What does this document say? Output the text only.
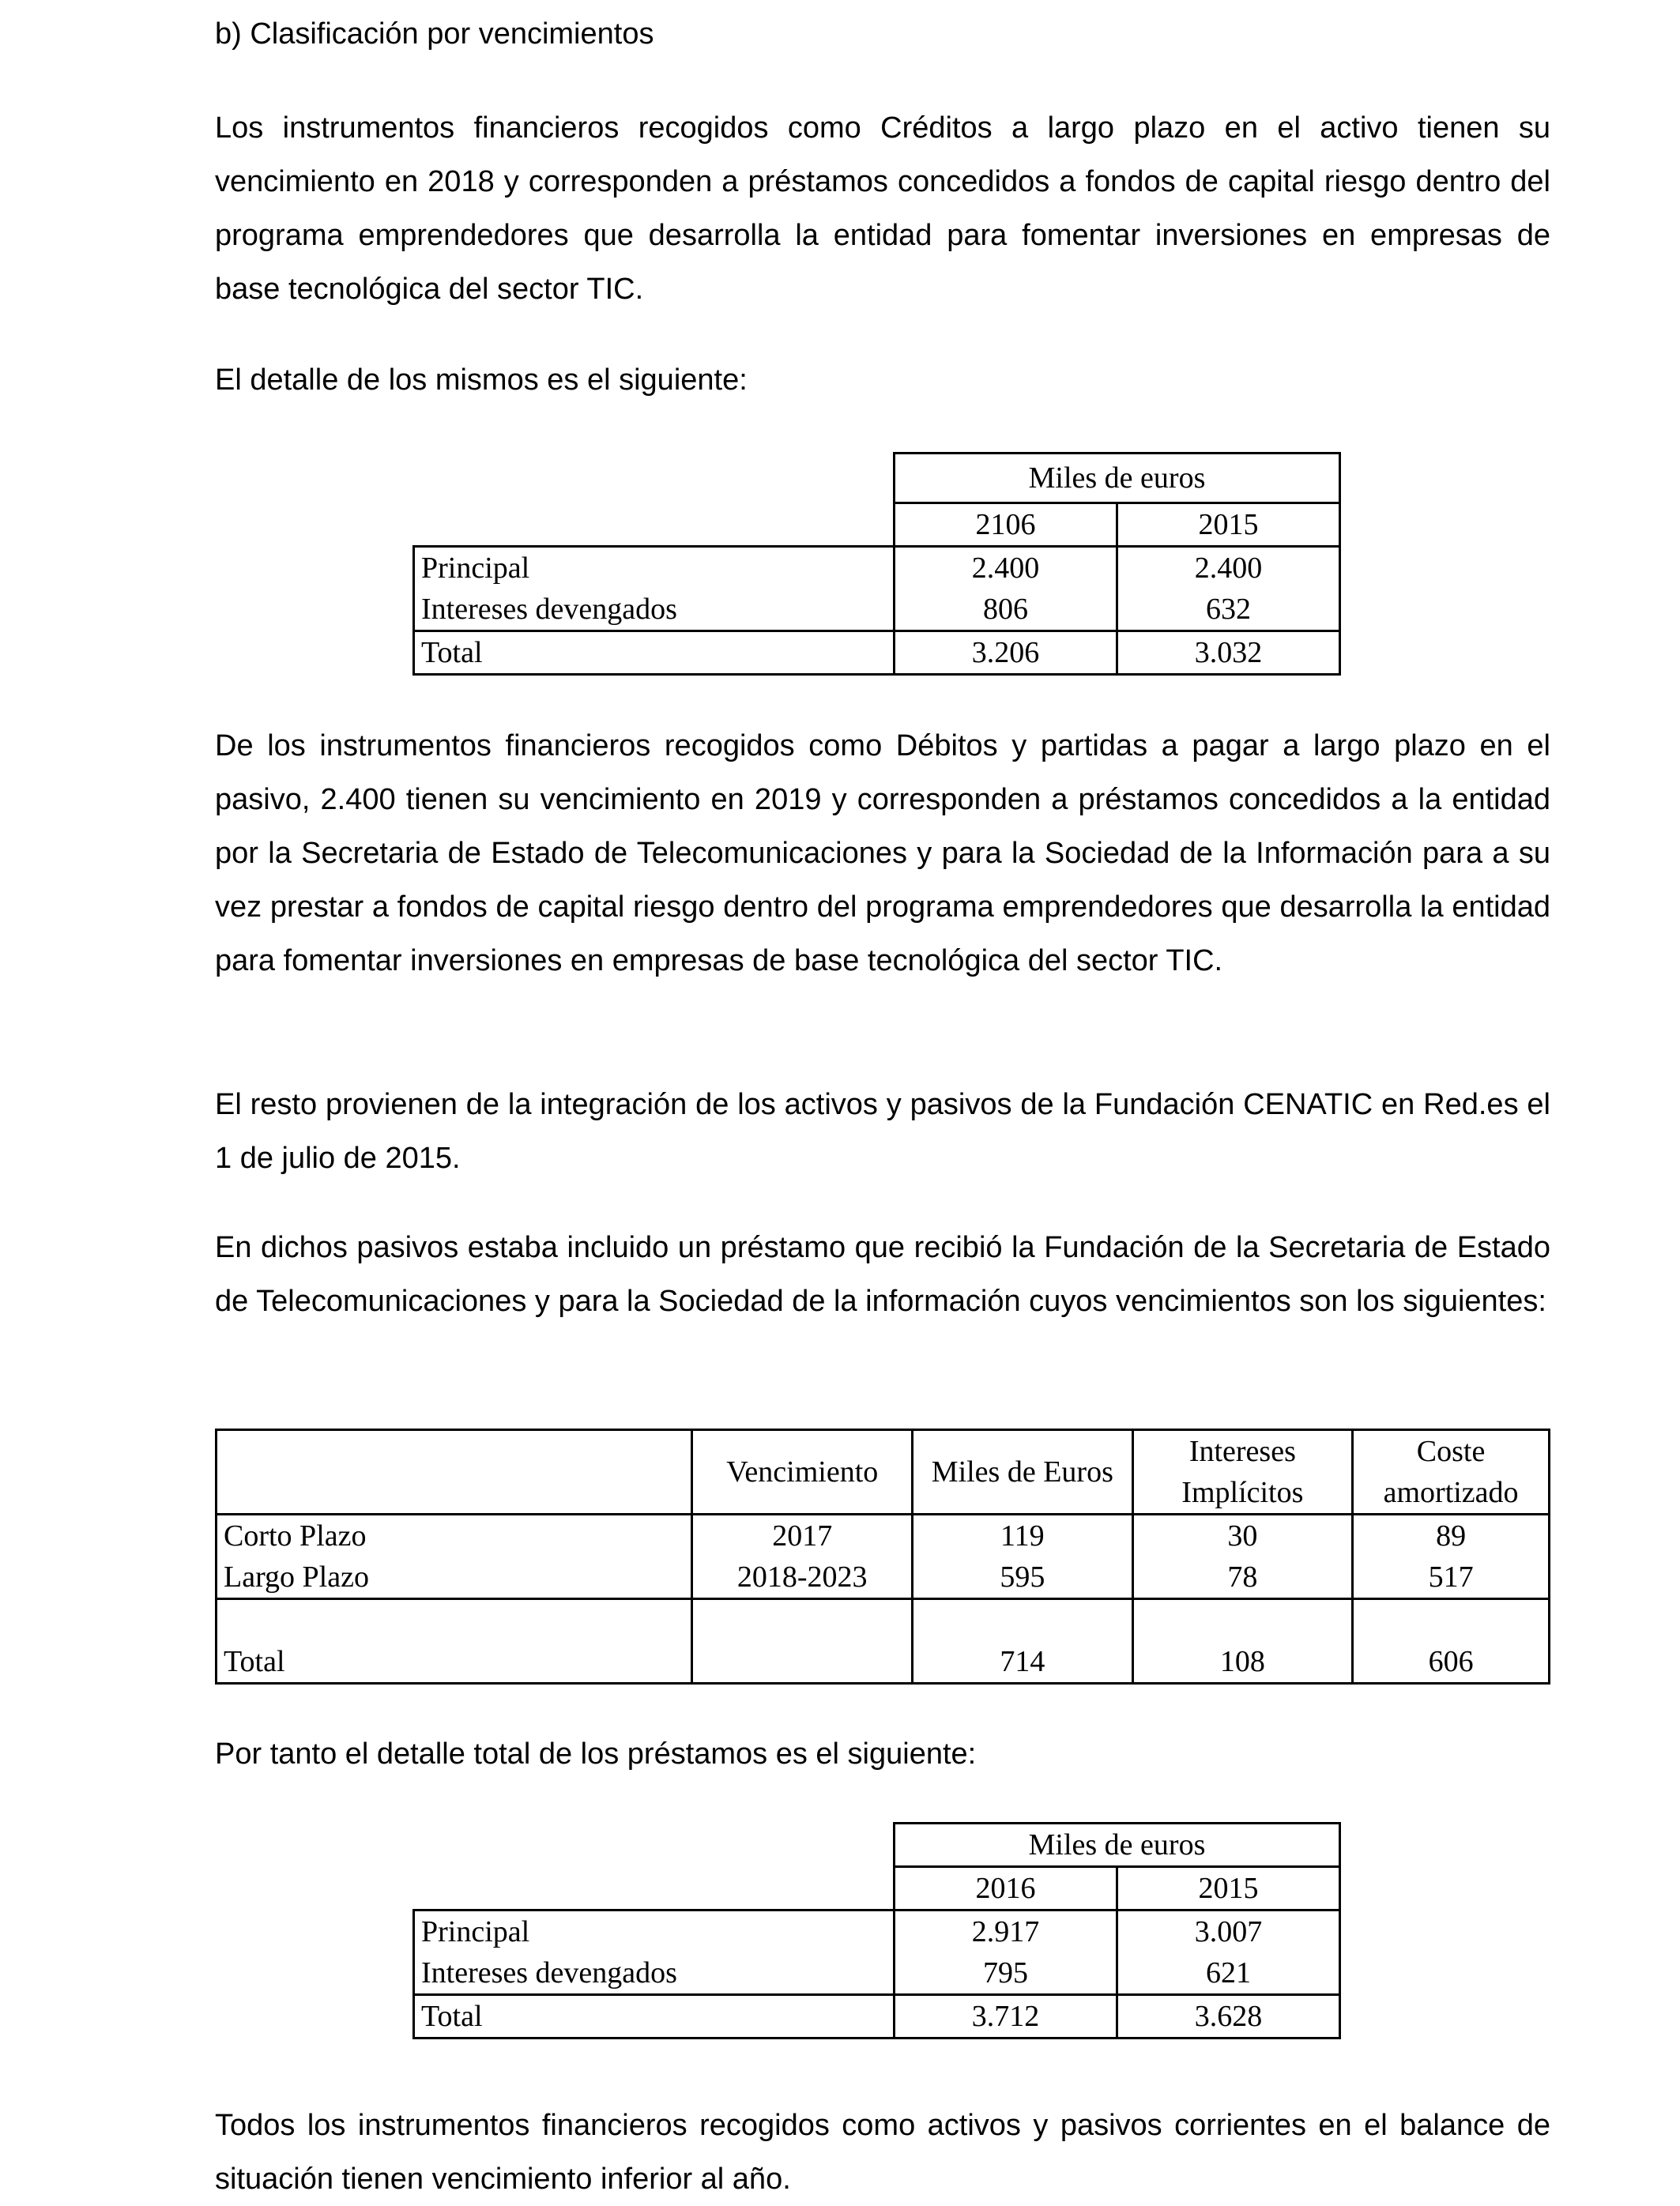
b) Clasificación por vencimientos

Los instrumentos financieros recogidos como Créditos a largo plazo en el activo tienen su vencimiento en 2018 y corresponden a préstamos concedidos a fondos de capital riesgo dentro del programa emprendedores que desarrolla la entidad para fomentar inversiones en empresas de base tecnológica del sector TIC.

El detalle de los mismos es el siguiente:
	Miles de euros	
	2106	2015
Principal	2.400	2.400
Intereses devengados	806	632
Total	3.206	3.032

De los instrumentos financieros recogidos como Débitos y partidas a pagar a largo plazo en el pasivo, 2.400 tienen su vencimiento en 2019 y corresponden a préstamos concedidos a la entidad por la Secretaria de Estado de Telecomunicaciones y para la Sociedad de la Información para a su vez prestar a fondos de capital riesgo dentro del programa emprendedores que desarrolla la entidad para fomentar inversiones en empresas de base tecnológica del sector TIC.

El resto provienen de la integración de los activos y pasivos de la Fundación CENATIC en Red.es el 1 de julio de 2015.

En dichos pasivos estaba incluido un préstamo que recibió la Fundación de la Secretaria de Estado de Telecomunicaciones y para la Sociedad de la información cuyos vencimientos son los siguientes:

	Vencimiento	Miles de Euros	Intereses	Coste
			Implícitos	amortizado
Corto Plazo	2017	119	30	89
Largo Plazo	2018-2023	595	78	517
Total		714	108	606
Por tanto el detalle total de los préstamos es el siguiente:
	Miles de euros	
	2016	2015
Principal	2.917	3.007
Intereses devengados	795	621
Total	3.712	3.628

Todos los instrumentos financieros recogidos como activos y pasivos corrientes en el balance de situación tienen vencimiento inferior al año.
